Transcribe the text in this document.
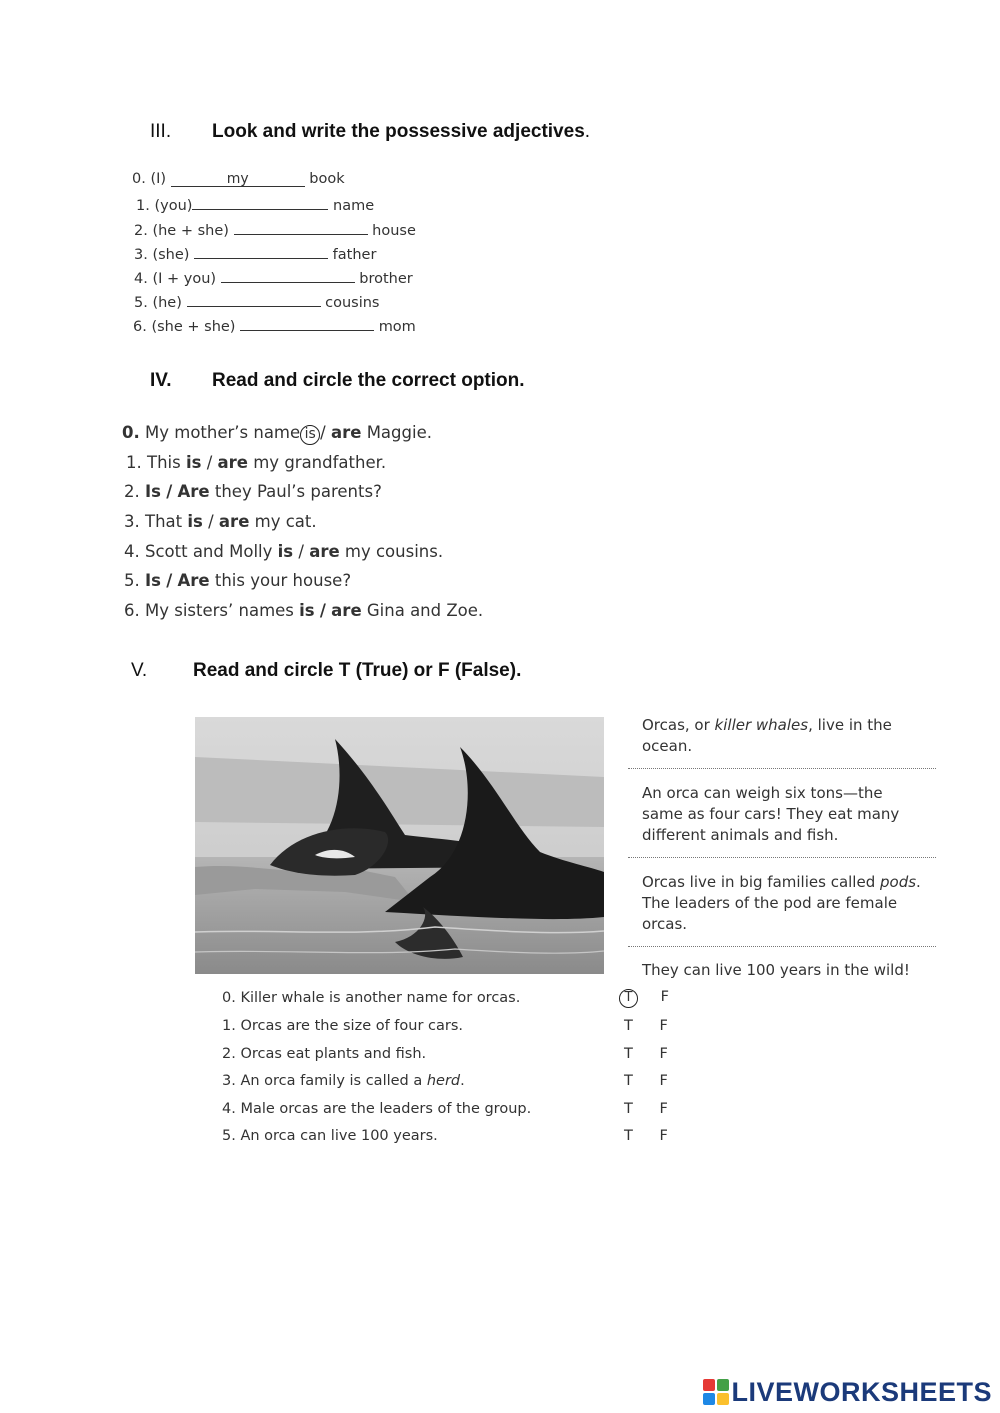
III. Look and write the possessive adjectives.
0. (I)	my	book
1. (you)	name
2. (he + she)	house
3. (she)	father
4. (I + you)	brother
5. (he)	cousins
6. (she + she)	mom
IV. Read and circle the correct option.
0. My mother’s name is / are Maggie.
1. This is / are my grandfather.
2. Is / Are they Paul’s parents?
3. That is / are my cat.
4. Scott and Molly is / are my cousins.
5. Is / Are this your house?
6. My sisters’ names is / are Gina and Zoe.
V. Read and circle T (True) or F (False).
Orcas, or killer whales, live in the ocean.
An orca can weigh six tons—the same as four cars! They eat many different animals and fish.
Orcas live in big families called pods. The leaders of the pod are female orcas.
They can live 100 years in the wild!
0. Killer whale is another name for orcas.	T F
1. Orcas are the size of four cars.	T F
2. Orcas eat plants and fish.	T F
3. An orca family is called a herd.	T F
4. Male orcas are the leaders of the group.	T F
5. An orca can live 100 years.	T F
LIVEWORKSHEETS
